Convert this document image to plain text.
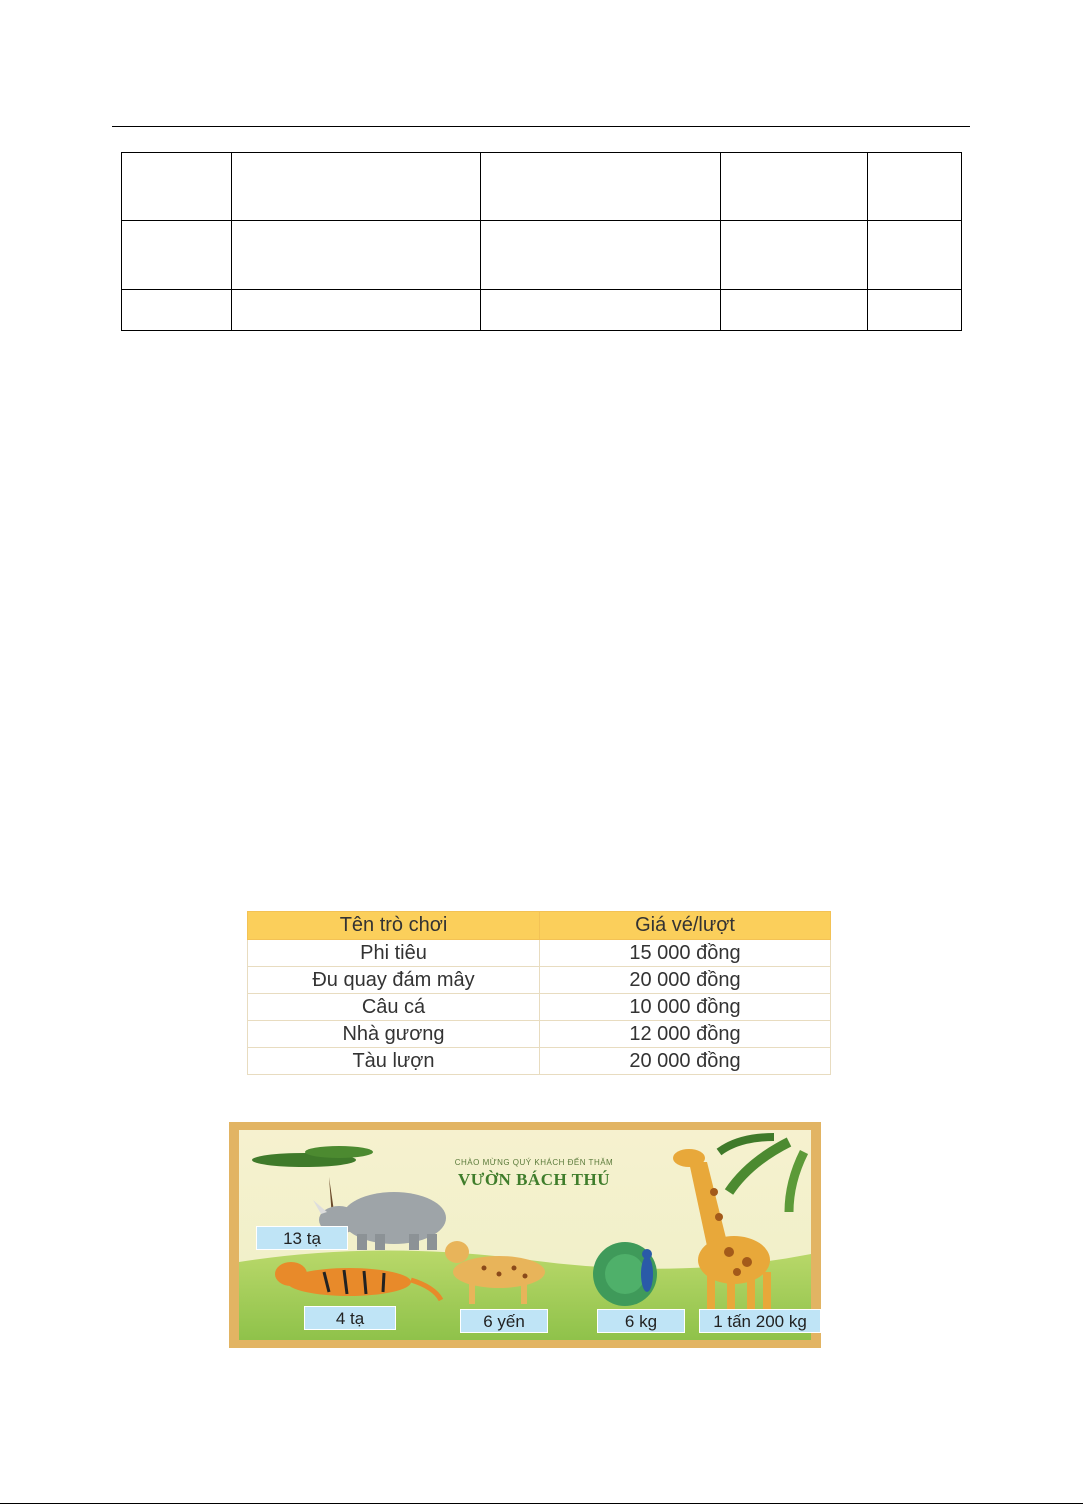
Tên trò chơi	Giá vé/lượt
Phi tiêu	15 000 đồng
Đu quay đám mây	20 000 đồng
Câu cá	10 000 đồng
Nhà gương	12 000 đồng
Tàu lượn	20 000 đồng
CHÀO MỪNG QUÝ KHÁCH ĐẾN THĂM
VƯỜN BÁCH THÚ
13 tạ
4 tạ	6 yến	6 kg	1 tấn 200 kg
